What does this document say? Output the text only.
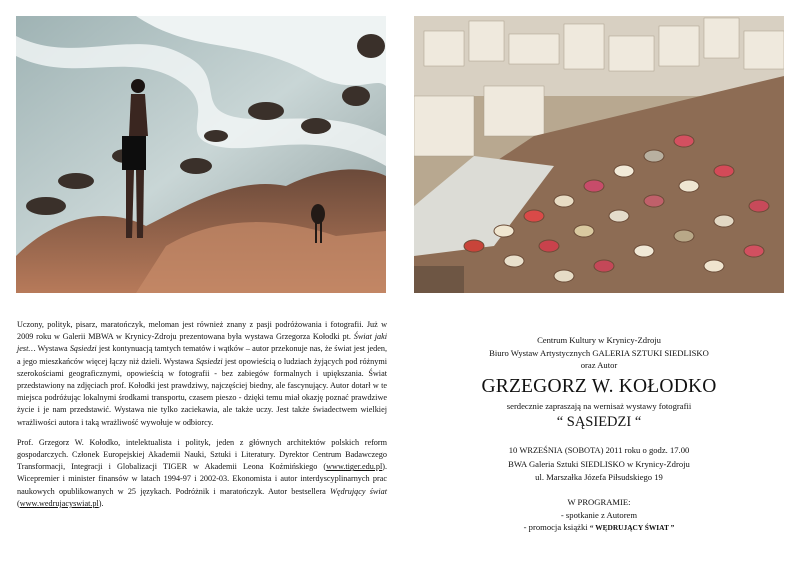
Uczony, polityk, pisarz, maratończyk, meloman jest również znany z pasji podróżowania i fotografii. Już w 2009 roku w Galerii MBWA w Krynicy-Zdroju prezentowana była wystawa Grzegorza Kołodki pt. Świat jaki jest… Wystawa Sąsiedzi jest kontynuacją tamtych tematów i wątków – autor przekonuje nas, że świat jest jeden, a jego mieszkańców więcej łączy niż dzieli. Wystawa Sąsiedzi jest opowieścią o ludziach żyjących pod różnymi szerokościami geograficznymi, opowieścią w fotografii - bez zabiegów formalnych i upiększania. Świat przedstawiony na zdjęciach prof. Kołodki jest prawdziwy, najczęściej biedny, ale fascynujący. Autor dotarł w te miejsca podróżując lokalnymi środkami transportu, czasem pieszo - dzięki temu miał okazję poznać prawdziwe życie i je nam przedstawić. Wystawa nie tylko zaciekawia, ale także uczy. Jest także świadectwem wielkiej wrażliwości autora i taką wrażliwość wywołuje w odbiorcy.

Prof. Grzegorz W. Kołodko, intelektualista i polityk, jeden z głównych architektów polskich reform gospodarczych. Członek Europejskiej Akademii Nauki, Sztuki i Literatury. Dyrektor Centrum Badawczego Transformacji, Integracji i Globalizacji TIGER w Akademii Leona Koźmińskiego (www.tiger.edu.pl). Wicepremier i minister finansów w latach 1994-97 i 2002-03. Ekonomista i autor interdyscyplinarnych prac naukowych opublikowanych w 25 językach. Podróżnik i maratończyk. Autor bestsellera Wędrujący świat (www.wedrujacyswiat.pl).

Centrum Kultury w Krynicy-Zdroju
Biuro Wystaw Artystycznych GALERIA SZTUKI SIEDLISKO
oraz Autor
GRZEGORZ W. KOŁODKO
serdecznie zapraszają na wernisaż wystawy fotografii
“ SĄSIEDZI “
10 WRZEŚNIA (SOBOTA) 2011 roku o godz. 17.00
BWA Galeria Sztuki SIEDLISKO w Krynicy-Zdroju
ul. Marszałka Józefa Piłsudskiego 19
W PROGRAMIE:
- spotkanie z Autorem
- promocja książki “ WĘDRUJĄCY ŚWIAT ”
